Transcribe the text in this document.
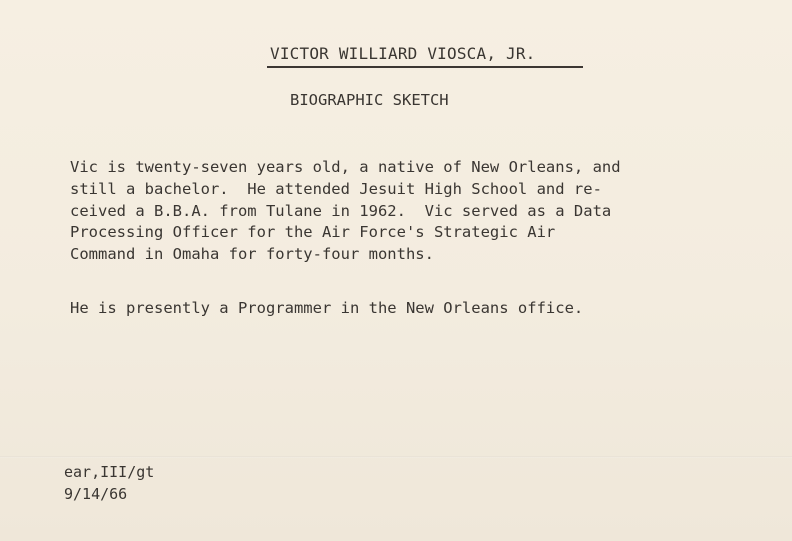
VICTOR WILLIARD VIOSCA, JR.
BIOGRAPHIC SKETCH

Vic is twenty-seven years old, a native of New Orleans, and
still a bachelor.  He attended Jesuit High School and re-
ceived a B.B.A. from Tulane in 1962.  Vic served as a Data
Processing Officer for the Air Force's Strategic Air
Command in Omaha for forty-four months.

He is presently a Programmer in the New Orleans office.

ear,III/gt
9/14/66
